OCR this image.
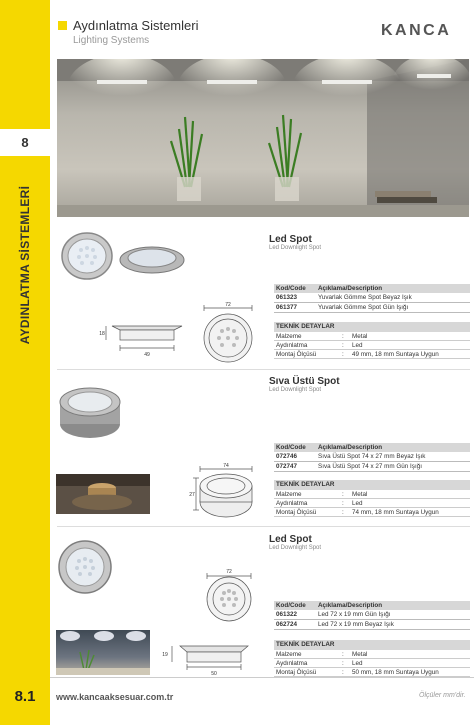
8
AYDINLATMA SİSTEMLERİ
8.1
Aydınlatma Sistemleri
Lighting Systems
KANCA
Led Spot
Led Downlight Spot
Kod/Code	Açıklama/Description
061323	Yuvarlak Gömme Spot Beyaz Işık
061377	Yuvarlak Gömme Spot Gün Işığı
TEKNİK DETAYLAR
Malzeme	: Metal
Aydınlatma	: Led
Montaj Ölçüsü	: 49 mm, 18 mm Suntaya Uygun
49
18
72
Sıva Üstü Spot
Led Downlight Spot
Kod/Code	Açıklama/Description
072746	Sıva Üstü Spot 74 x 27 mm Beyaz Işık
072747	Sıva Üstü Spot 74 x 27 mm Gün Işığı
TEKNİK DETAYLAR
Malzeme	: Metal
Aydınlatma	: Led
Montaj Ölçüsü	: 74 mm, 18 mm Suntaya Uygun
74
27
Led Spot
Led Downlight Spot
Kod/Code	Açıklama/Description
061322	Led 72 x 19 mm Gün Işığı
062724	Led 72 x 19 mm Beyaz Işık
TEKNİK DETAYLAR
Malzeme	: Metal
Aydınlatma	: Led
Montaj Ölçüsü	: 50 mm, 18 mm Suntaya Uygun
72
50
19
www.kancaaksesuar.com.tr	Ölçüler mm'dir.
